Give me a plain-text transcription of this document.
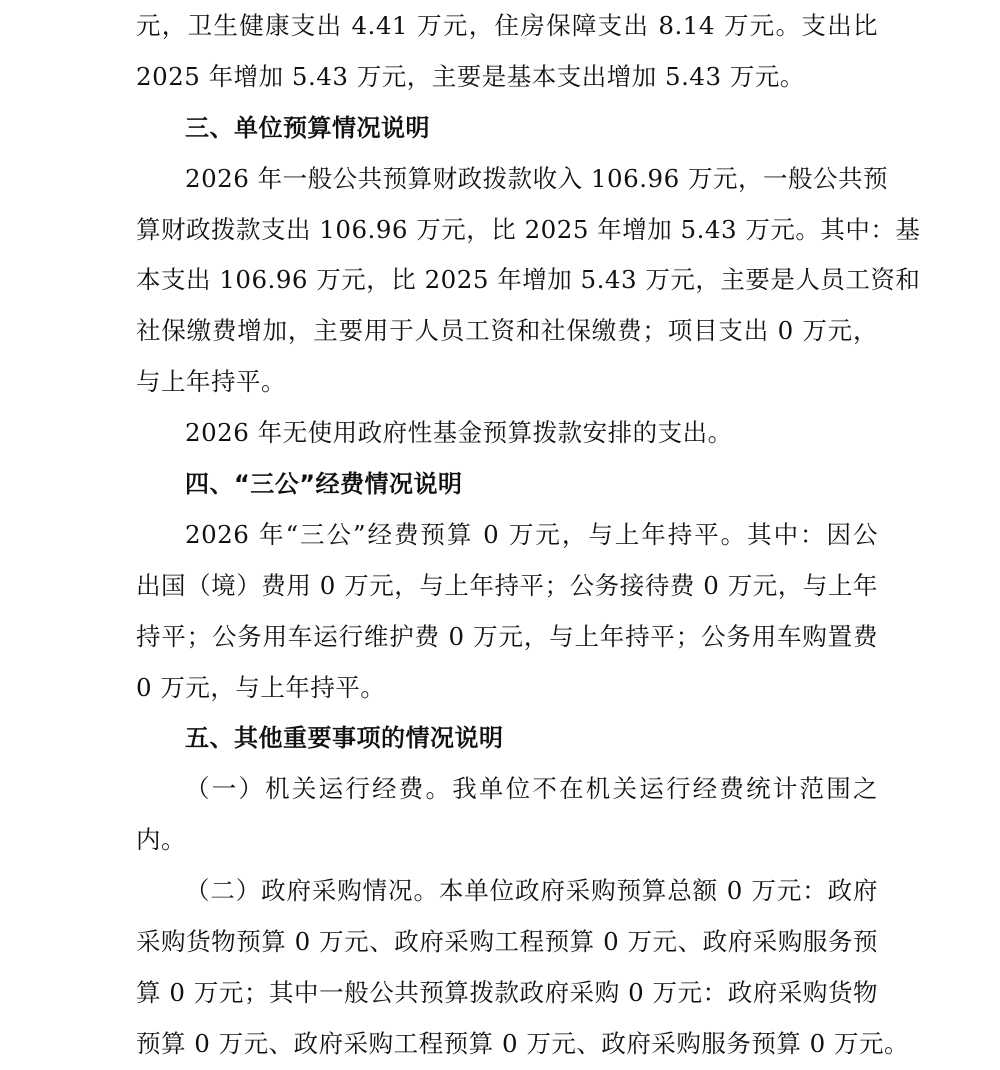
元，卫生健康支出 4.41 万元，住房保障支出 8.14 万元。支出比
2025 年增加 5.43 万元，主要是基本支出增加 5.43 万元。
三、单位预算情况说明
2026 年一般公共预算财政拨款收入 106.96 万元，一般公共预
算财政拨款支出 106.96 万元，比 2025 年增加 5.43 万元。其中：基
本支出 106.96 万元，比 2025 年增加 5.43 万元，主要是人员工资和
社保缴费增加，主要用于人员工资和社保缴费；项目支出 0 万元，
与上年持平。
2026 年无使用政府性基金预算拨款安排的支出。
四、“三公”经费情况说明
2026 年“三公”经费预算 0 万元，与上年持平。其中：因公
出国（境）费用 0 万元，与上年持平；公务接待费 0 万元，与上年
持平；公务用车运行维护费 0 万元，与上年持平；公务用车购置费
0 万元，与上年持平。
五、其他重要事项的情况说明
（一）机关运行经费。我单位不在机关运行经费统计范围之
内。
（二）政府采购情况。本单位政府采购预算总额 0 万元：政府
采购货物预算 0 万元、政府采购工程预算 0 万元、政府采购服务预
算 0 万元；其中一般公共预算拨款政府采购 0 万元：政府采购货物
预算 0 万元、政府采购工程预算 0 万元、政府采购服务预算 0 万元。
